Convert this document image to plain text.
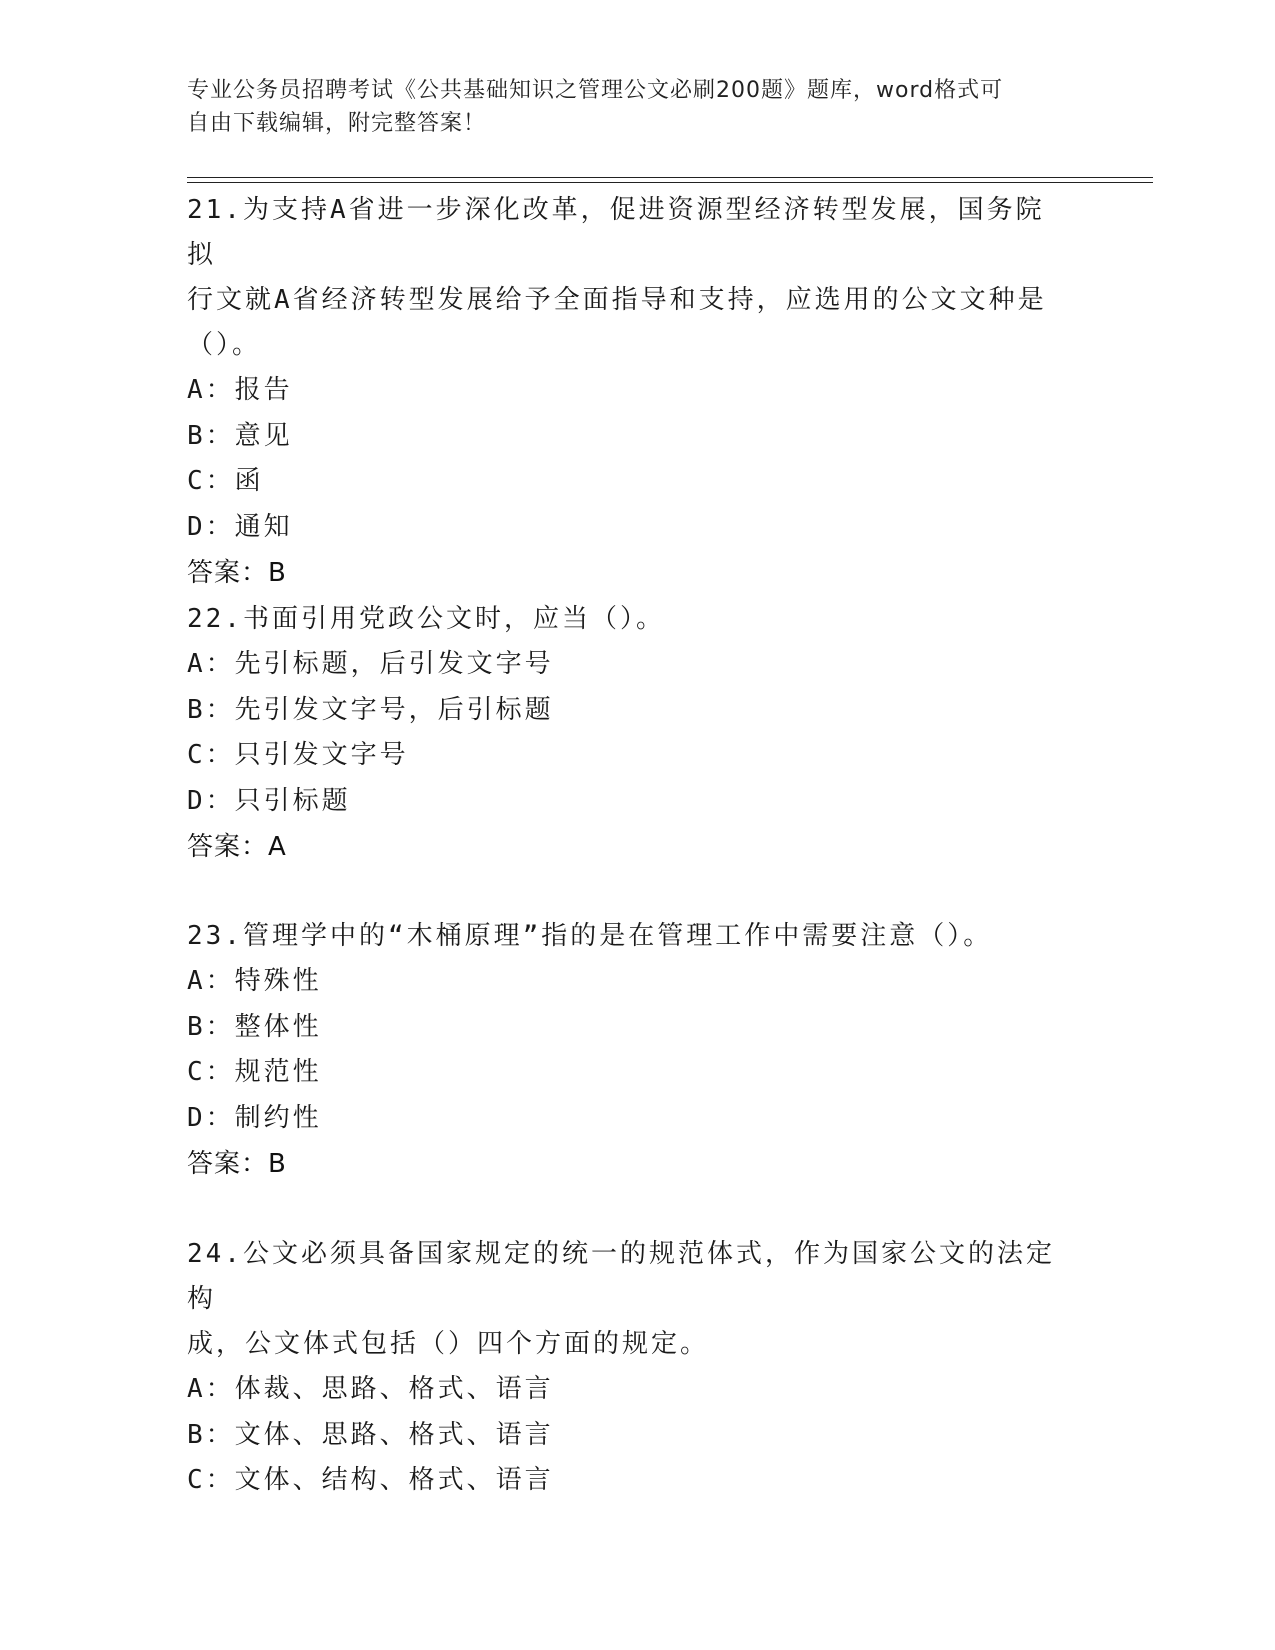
专业公务员招聘考试《公共基础知识之管理公文必刷200题》题库，word格式可
自由下载编辑，附完整答案！

21.为支持A省进一步深化改革，促进资源型经济转型发展，国务院拟

行文就A省经济转型发展给予全面指导和支持，应选用的公文文种是

（）。

A：报告

B：意见

C：函

D：通知

答案：B

22.书面引用党政公文时，应当（）。

A：先引标题，后引发文字号

B：先引发文字号，后引标题

C：只引发文字号

D：只引标题

答案：A

23.管理学中的“木桶原理”指的是在管理工作中需要注意（）。

A：特殊性

B：整体性

C：规范性

D：制约性

答案：B

24.公文必须具备国家规定的统一的规范体式，作为国家公文的法定构

成，公文体式包括（）四个方面的规定。

A：体裁、思路、格式、语言

B：文体、思路、格式、语言

C：文体、结构、格式、语言
